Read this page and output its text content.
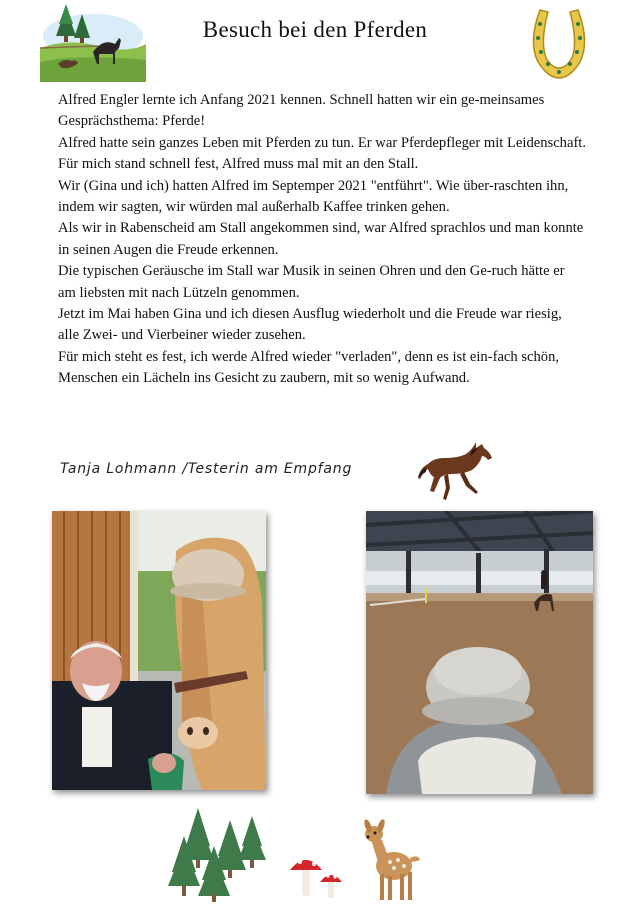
Besuch bei den Pferden

Alfred Engler lernte ich Anfang 2021 kennen. Schnell hatten wir ein ge-meinsames Gesprächsthema: Pferde!

Alfred hatte sein ganzes Leben mit Pferden zu tun. Er war Pferdepfleger mit Leidenschaft. Für mich stand schnell fest, Alfred muss mal mit an den Stall.

Wir (Gina und ich) hatten Alfred im Septemper 2021 "entführt". Wie über-raschten ihn, indem wir sagten, wir würden mal außerhalb Kaffee trinken gehen.

Als wir in Rabenscheid am Stall angekommen sind, war Alfred sprachlos und man konnte in seinen Augen die Freude erkennen.

Die typischen Geräusche im Stall war Musik in seinen Ohren und den Ge-ruch hätte er am liebsten mit nach Lützeln genommen.

Jetzt im Mai haben Gina und ich diesen Ausflug wiederholt und die Freude war riesig, alle Zwei- und Vierbeiner wieder zusehen.

Für mich steht es fest, ich werde Alfred wieder "verladen", denn es ist ein-fach schön, Menschen ein Lächeln ins Gesicht zu zaubern, mit so wenig Aufwand.

Tanja Lohmann /Testerin am Empfang
